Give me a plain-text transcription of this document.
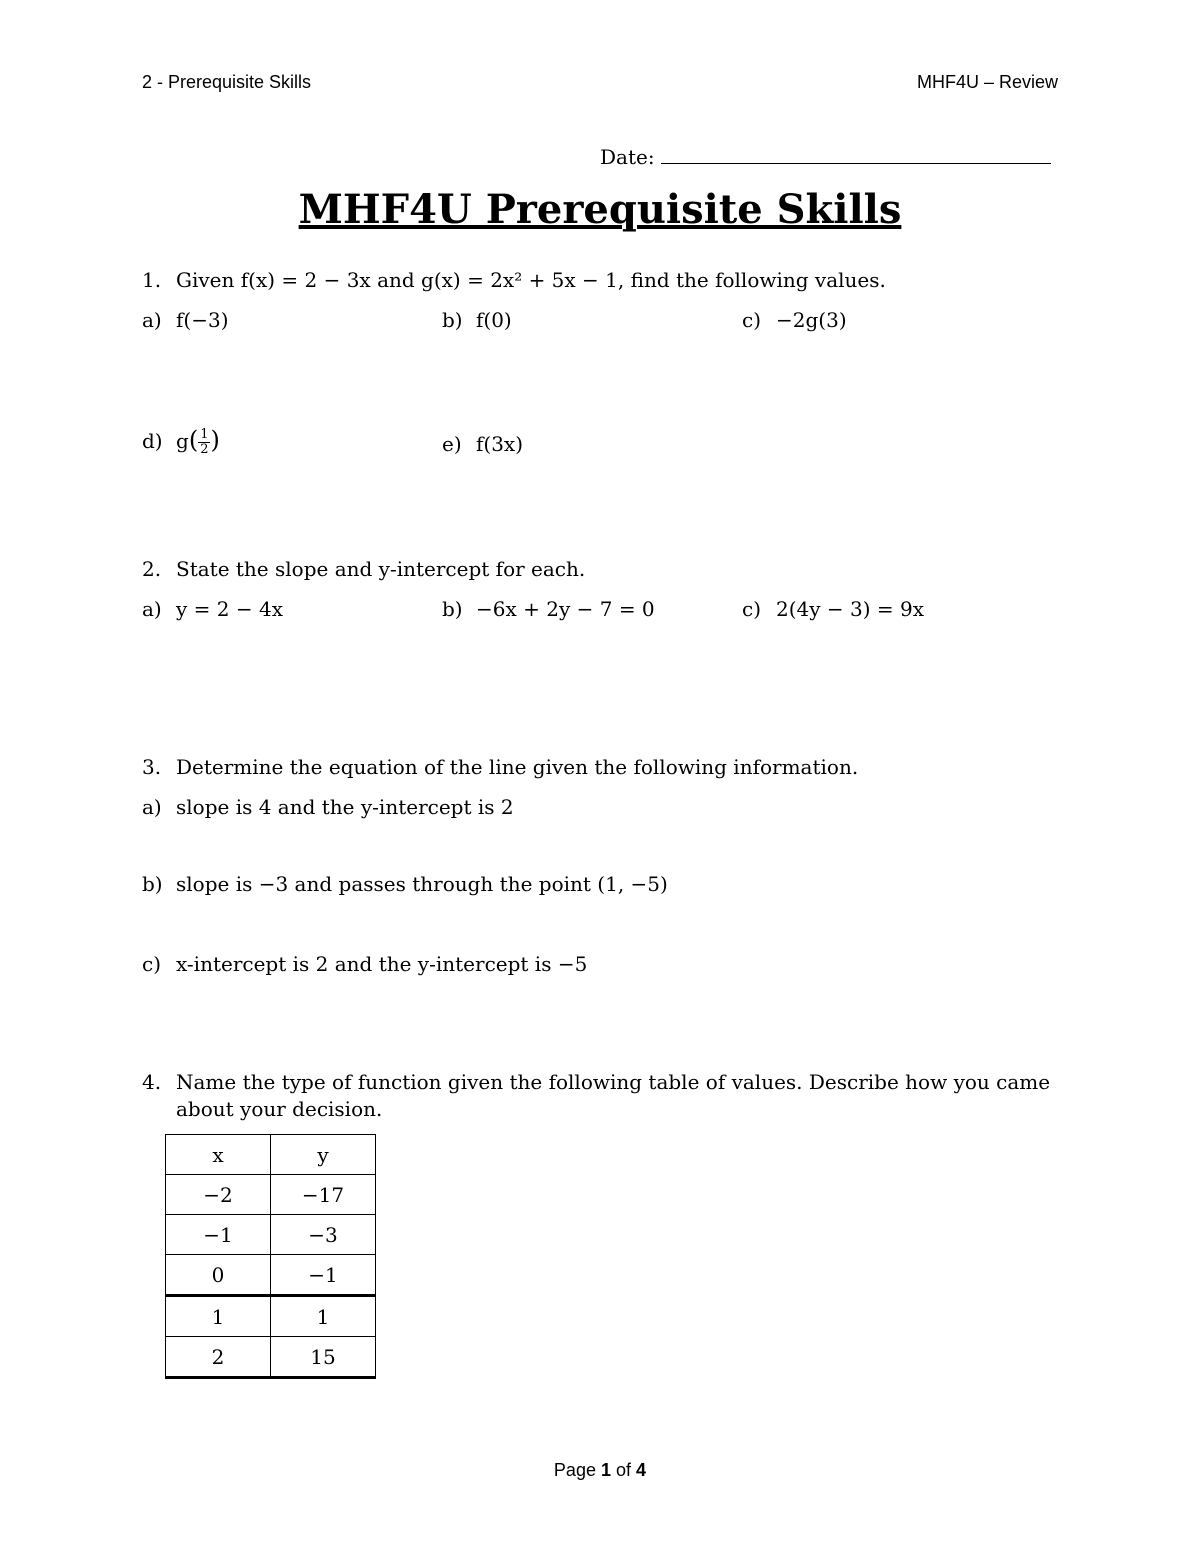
2 - Prerequisite Skills	MHF4U – Review
Date:
MHF4U Prerequisite Skills
1. Given f(x) = 2 − 3x and g(x) = 2x² + 5x − 1, find the following values.
a) f(−3)	b) f(0)	c) −2g(3)
d) $g( \frac{1}{2}$ )	e) f(3x)
2. State the slope and y-intercept for each.
a) y = 2 − 4x	b) −6x + 2y − 7 = 0	c) 2(4y − 3) = 9x
3. Determine the equation of the line given the following information.
a) slope is 4 and the y-intercept is 2
b) slope is −3 and passes through the point (1, −5)
c) x-intercept is 2 and the y-intercept is −5
4. Name the type of function given the following table of values. Describe how you came
about your decision.
x	y
−2	−17
−1	−3
0	−1
1	1
2	15
Page 1 of 4
